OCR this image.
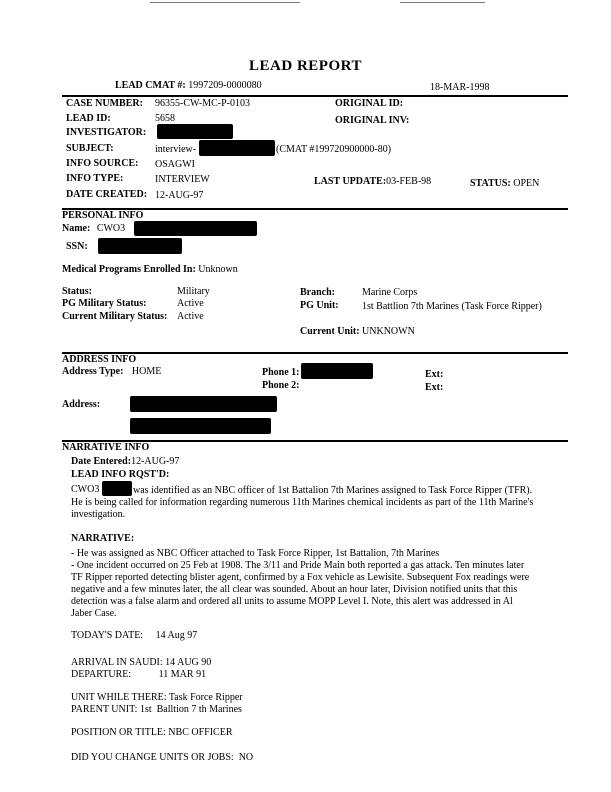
LEAD REPORT
LEAD CMAT #: 1997209-0000080	18-MAR-1998
CASE NUMBER: 96355-CW-MC-P-0103	ORIGINAL ID:
LEAD ID:	5658	ORIGINAL INV:
INVESTIGATOR:
SUBJECT:	interview-	(CMAT #199720900000-80)
INFO SOURCE: OSAGWI
INFO TYPE:	INTERVIEW	LAST UPDATE:03-FEB-98	STATUS: OPEN
DATE CREATED: 12-AUG-97
PERSONAL INFO
Name: CWO3
SSN:
Medical Programs Enrolled In: Unknown
Status:	Military
PG Military Status:	Active
Current Military Status: Active
Branch:	Marine Corps
PG Unit: 1st Battlion 7th Marines (Task Force Ripper)
Current Unit: UNKNOWN
ADDRESS INFO
Address Type: HOME	Phone 1:
Phone 2:
Ext:
Ext:
Address:
NARRATIVE INFO
Date Entered:12-AUG-97
LEAD INFO RQST'D:
CWO3	was identified as an NBC officer of 1st Battalion 7th Marines assigned to Task Force Ripper (TFR).
He is being called for information regarding numerous 11th Marines chemical incidents as part of the 11th Marine's
investigation.
NARRATIVE:
- He was assigned as NBC Officer attached to Task Force Ripper, 1st Battalion, 7th Marines
- One incident occurred on 25 Feb at 1908. The 3/11 and Pride Main both reported a gas attack. Ten minutes later
TF Ripper reported detecting blister agent, confirmed by a Fox vehicle as Lewisite. Subsequent Fox readings were
negative and a few minutes later, the all clear was sounded. About an hour later, Division notified units that this
detection was a false alarm and ordered all units to assume MOPP Level I. Note, this alert was addressed in Al
Jaber Case.
TODAY'S DATE:     14 Aug 97
ARRIVAL IN SAUDI: 14 AUG 90
DEPARTURE:           11 MAR 91
UNIT WHILE THERE: Task Force Ripper
PARENT UNIT: 1st  Balltion 7 th Marines
POSITION OR TITLE: NBC OFFICER
DID YOU CHANGE UNITS OR JOBS:  NO
